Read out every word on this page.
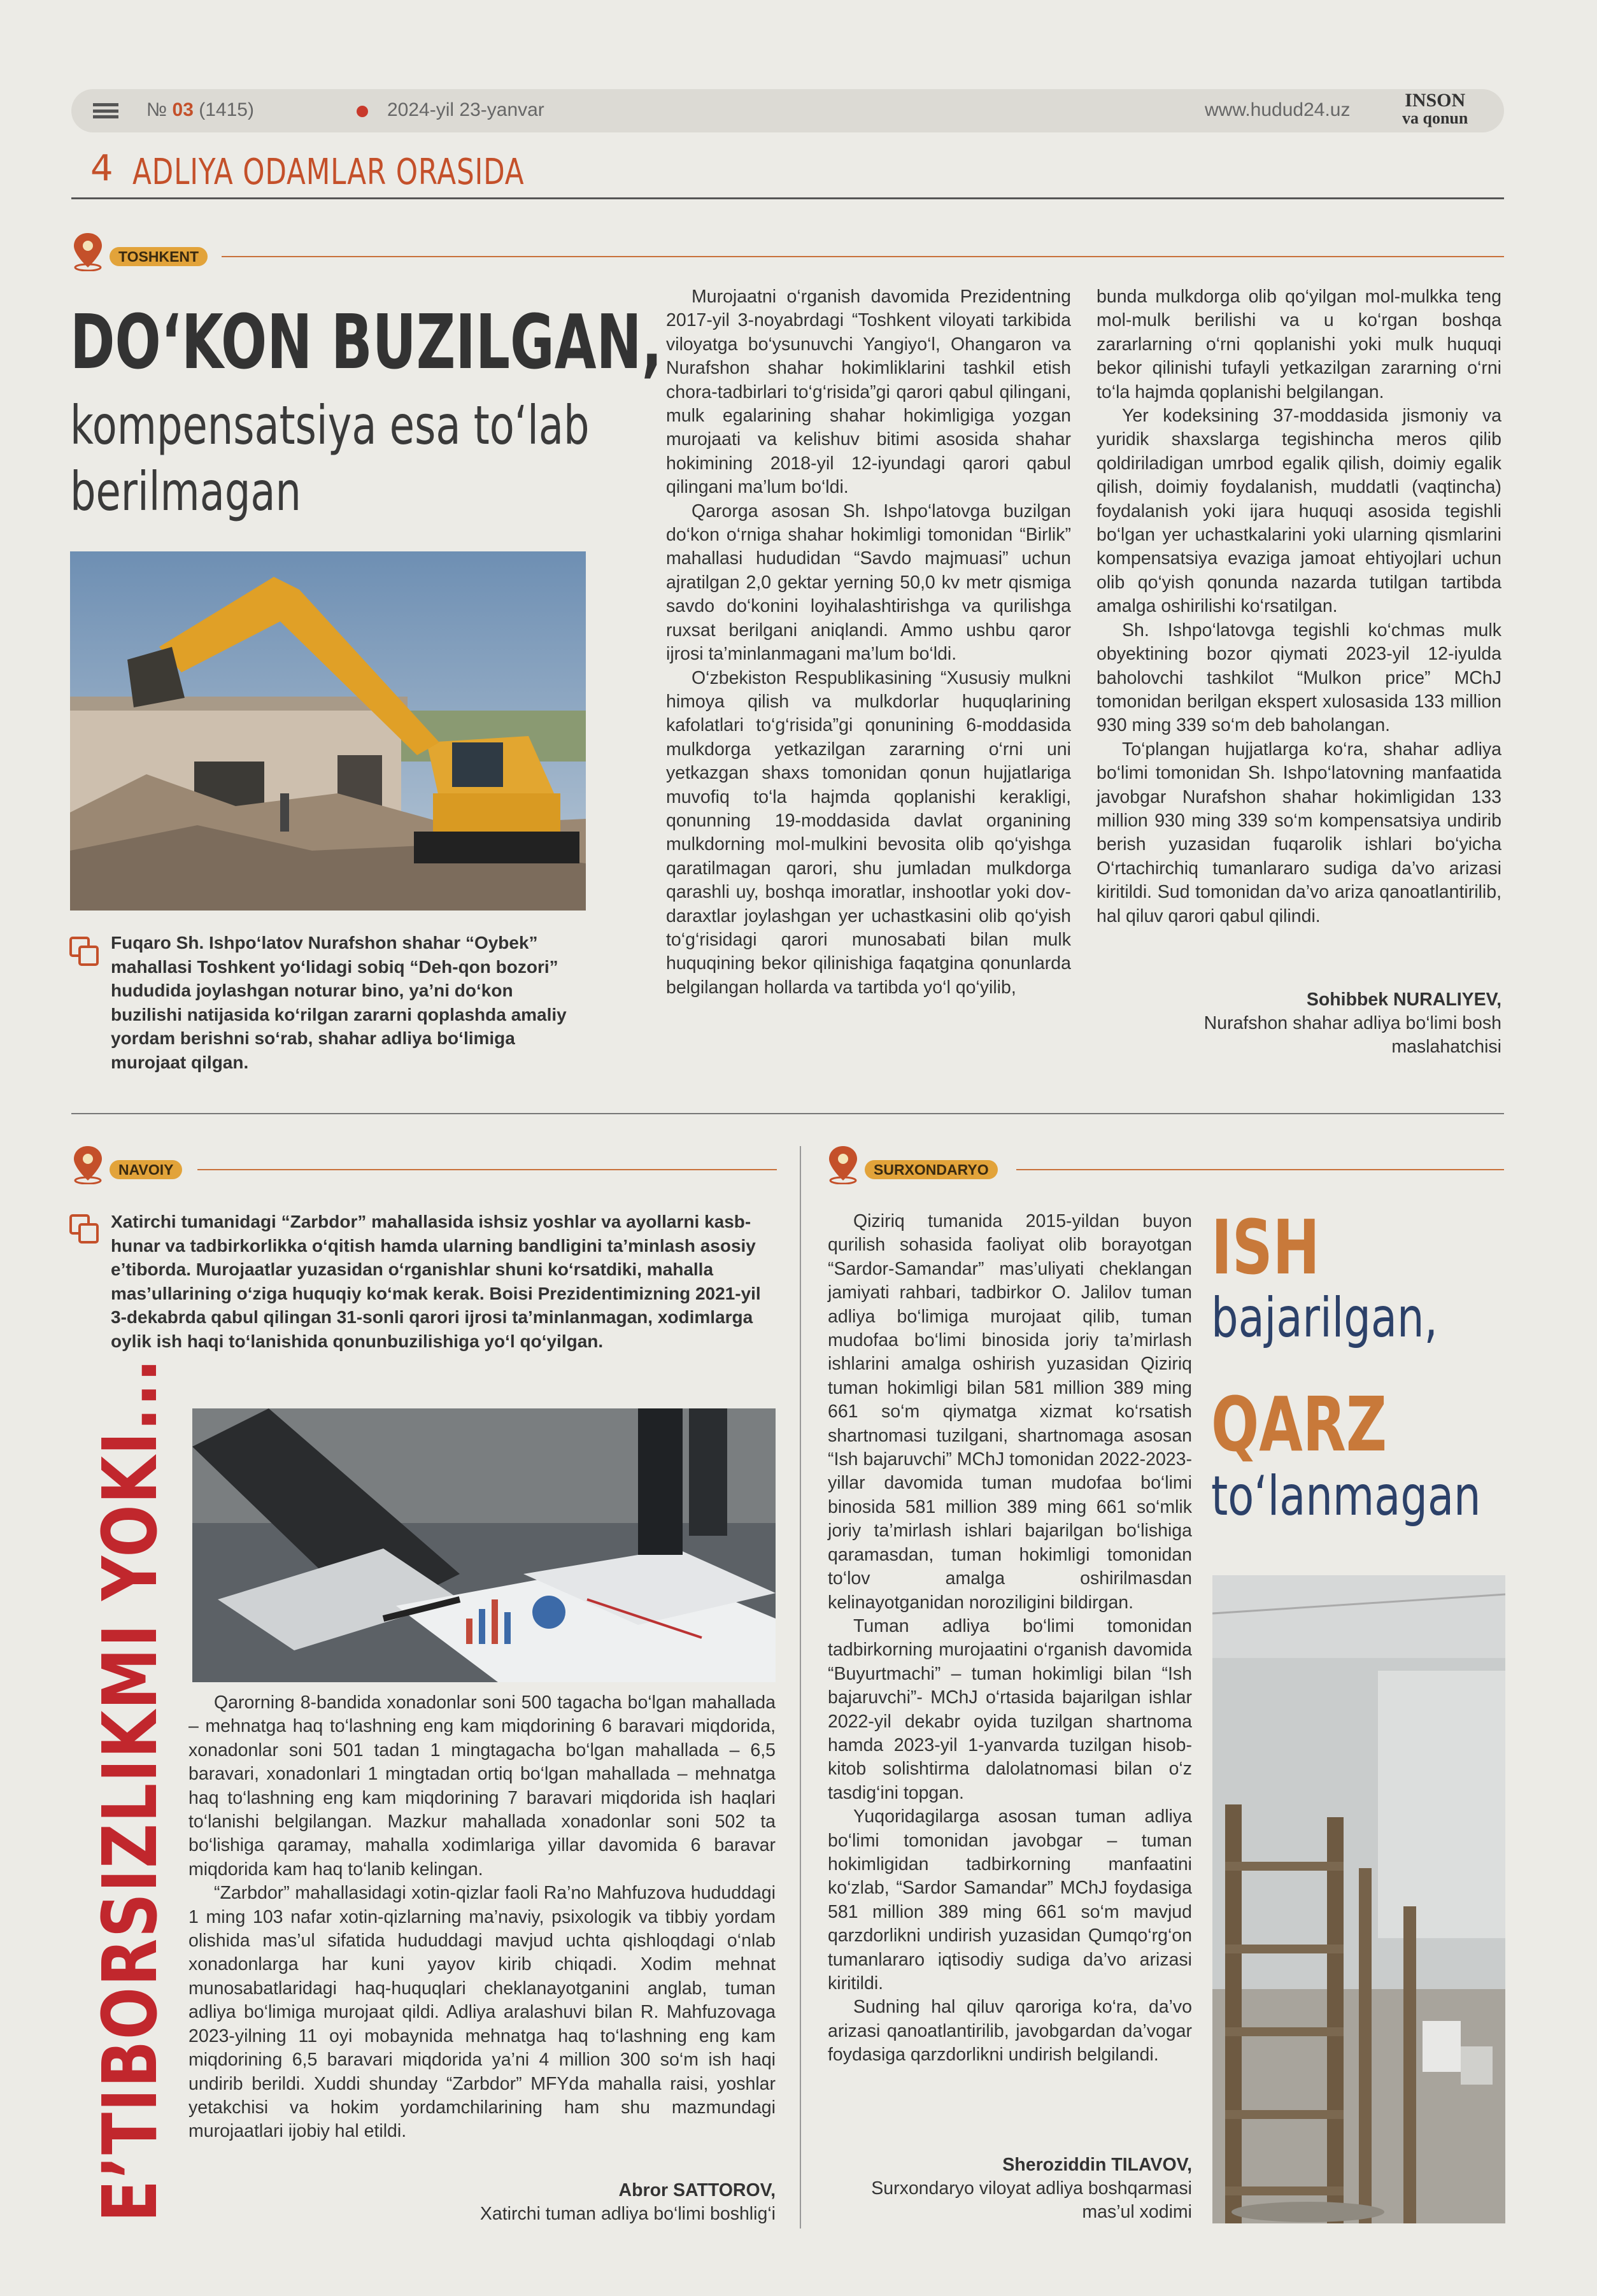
№ 03 (1415)	2024-yil 23-yanvar	www.hudud24.uz	INSON
va qonun
4 ADLIYA ODAMLAR ORASIDA
TOSHKENT
DO‘KON BUZILGAN,
kompensatsiya esa to‘lab berilmagan
Fuqaro Sh. Ishpo‘latov Nurafshon shahar “Oybek” mahallasi Toshkent yo‘lidagi sobiq “Deh-qon bozori” hududida joylashgan noturar bino, ya’ni do‘kon buzilishi natijasida ko‘rilgan zararni qoplashda amaliy yordam berishni so‘rab, shahar adliya bo‘limiga murojaat qilgan.

Murojaatni o‘rganish davomida Prezidentning 2017-yil 3-noyabrdagi “Toshkent viloyati tarkibida viloyatga bo‘ysunuvchi Yangiyo‘l, Ohangaron va Nurafshon shahar hokimliklarini tashkil etish chora-tadbirlari to‘g‘risida”gi qarori qabul qilingani, mulk egalarining shahar hokimligiga yozgan murojaati va kelishuv bitimi asosida shahar hokimining 2018-yil 12-iyundagi qarori qabul qilingani ma’lum bo‘ldi.

Qarorga asosan Sh. Ishpo‘latovga buzilgan do‘kon o‘rniga shahar hokimligi tomonidan “Birlik” mahallasi hududidan “Savdo majmuasi” uchun ajratilgan 2,0 gektar yerning 50,0 kv metr qismiga savdo do‘konini loyihalashtirishga va qurilishga ruxsat berilgani aniqlandi. Ammo ushbu qaror ijrosi ta’minlanmagani ma’lum bo‘ldi.

O‘zbekiston Respublikasining “Xususiy mulkni himoya qilish va mulkdorlar huquqlarining kafolatlari to‘g‘risida”gi qonunining 6-moddasida mulkdorga yetkazilgan zararning o‘rni uni yetkazgan shaxs tomonidan qonun hujjatlariga muvofiq to‘la hajmda qoplanishi kerakligi, qonunning 19-moddasida davlat organining mulkdorning mol-mulkini bevosita olib qo‘yishga qaratilmagan qarori, shu jumladan mulkdorga qarashli uy, boshqa imoratlar, inshootlar yoki dov-daraxtlar joylashgan yer uchastkasini olib qo‘yish to‘g‘risidagi qarori munosabati bilan mulk huquqining bekor qilinishiga faqatgina qonunlarda belgilangan hollarda va tartibda yo‘l qo‘yilib,

bunda mulkdorga olib qo‘yilgan mol-mulkka teng mol-mulk berilishi va u ko‘rgan boshqa zararlarning o‘rni qoplanishi yoki mulk huquqi bekor qilinishi tufayli yetkazilgan zararning o‘rni to‘la hajmda qoplanishi belgilangan.

Yer kodeksining 37-moddasida jismoniy va yuridik shaxslarga tegishincha meros qilib qoldiriladigan umrbod egalik qilish, doimiy egalik qilish, doimiy foydalanish, muddatli (vaqtincha) foydalanish yoki ijara huquqi asosida tegishli bo‘lgan yer uchastkalarini yoki ularning qismlarini kompensatsiya evaziga jamoat ehtiyojlari uchun olib qo‘yish qonunda nazarda tutilgan tartibda amalga oshirilishi ko‘rsatilgan.

Sh. Ishpo‘latovga tegishli ko‘chmas mulk obyektining bozor qiymati 2023-yil 12-iyulda baholovchi tashkilot “Mulkon price” MChJ tomonidan berilgan ekspert xulosasida 133 million 930 ming 339 so‘m deb baholangan.

To‘plangan hujjatlarga ko‘ra, shahar adliya bo‘limi tomonidan Sh. Ishpo‘latovning manfaatida javobgar Nurafshon shahar hokimligidan 133 million 930 ming 339 so‘m kompensatsiya undirib berish yuzasidan fuqarolik ishlari bo‘yicha O‘rtachirchiq tumanlararo sudiga da’vo arizasi kiritildi. Sud tomonidan da’vo ariza qanoatlantirilib, hal qiluv qarori qabul qilindi.

Sohibbek NURALIYEV,
Nurafshon shahar adliya bo‘limi bosh
maslahatchisi
NAVOIY
Xatirchi tumanidagi “Zarbdor” mahallasida ishsiz yoshlar va ayollarni kasb-hunar va tadbirkorlikka o‘qitish hamda ularning bandligini ta’minlash asosiy e’tiborda. Murojaatlar yuzasidan o‘rganishlar shuni ko‘rsatdiki, mahalla mas’ullarining o‘ziga huquqiy ko‘mak kerak. Boisi Prezidentimizning 2021-yil 3-dekabrda qabul qilingan 31-sonli qarori ijrosi ta’minlanmagan, xodimlarga oylik ish haqi to‘lanishida qonunbuzilishiga yo‘l qo‘yilgan.
E’TIBORSIZLIKMI YOKI...	Qarorning 8-bandida xonadonlar soni 500 tagacha bo‘lgan mahallada – mehnatga haq to‘lashning eng kam miqdorining 6 baravari miqdorida, xonadonlar soni 501 tadan 1 mingtagacha bo‘lgan mahallada – 6,5 baravari, xonadonlari 1 mingtadan ortiq bo‘lgan mahallada – mehnatga haq to‘lashning eng kam miqdorining 7 baravari miqdorida ish haqlari to‘lanishi belgilangan. Mazkur mahallada xonadonlar soni 502 ta bo‘lishiga qaramay, mahalla xodimlariga yillar davomida 6 baravar miqdorida kam haq to‘lanib kelingan.

“Zarbdor” mahallasidagi xotin-qizlar faoli Ra’no Mahfuzova hududdagi 1 ming 103 nafar xotin-qizlarning ma’naviy, psixologik va tibbiy yordam olishida mas’ul sifatida hududdagi mavjud uchta qishloqdagi o‘nlab xonadonlarga har kuni yayov kirib chiqadi. Xodim mehnat munosabatlaridagi haq-huquqlari cheklanayotganini anglab, tuman adliya bo‘limiga murojaat qildi. Adliya aralashuvi bilan R. Mahfuzovaga 2023-yilning 11 oyi mobaynida mehnatga haq to‘lashning eng kam miqdorining 6,5 baravari miqdorida ya’ni 4 million 300 so‘m ish haqi undirib berildi. Xuddi shunday “Zarbdor” MFYda mahalla raisi, yoshlar yetakchisi va hokim yordamchilarining ham shu mazmundagi murojaatlari ijobiy hal etildi.

Abror SATTOROV,
Xatirchi tuman adliya bo‘limi boshlig‘i
SURXONDARYO

Qiziriq tumanida 2015-yildan buyon qurilish sohasida faoliyat olib borayotgan “Sardor-Samandar” mas’uliyati cheklangan jamiyati rahbari, tadbirkor O. Jalilov tuman adliya bo‘limiga murojaat qilib, tuman mudofaa bo‘limi binosida joriy ta’mirlash ishlarini amalga oshirish yuzasidan Qiziriq tuman hokimligi bilan 581 million 389 ming 661 so‘m qiymatga xizmat ko‘rsatish shartnomasi tuzilgani, shartnomaga asosan “Ish bajaruvchi” MChJ tomonidan 2022-2023-yillar davomida tuman mudofaa bo‘limi binosida 581 million 389 ming 661 so‘mlik joriy ta’mirlash ishlari bajarilgan bo‘lishiga qaramasdan, tuman hokimligi tomonidan to‘lov amalga oshirilmasdan kelinayotganidan noroziligini bildirgan.

Tuman adliya bo‘limi tomonidan tadbirkorning murojaatini o‘rganish davomida “Buyurtmachi” – tuman hokimligi bilan “Ish bajaruvchi”- MChJ o‘rtasida bajarilgan ishlar 2022-yil dekabr oyida tuzilgan shartnoma hamda 2023-yil 1-yanvarda tuzilgan hisob-kitob solishtirma dalolatnomasi bilan o‘z tasdig‘ini topgan.

Yuqoridagilarga asosan tuman adliya bo‘limi tomonidan javobgar – tuman hokimligidan tadbirkorning manfaatini ko‘zlab, “Sardor Samandar” MChJ foydasiga 581 million 389 ming 661 so‘m mavjud qarzdorlikni undirish yuzasidan Qumqo‘rg‘on tumanlararo iqtisodiy sudiga da’vo arizasi kiritildi.

Sudning hal qiluv qaroriga ko‘ra, da’vo arizasi qanoatlantirilib, javobgardan da’vogar foydasiga qarzdorlikni undirish belgilandi.

Sheroziddin TILAVOV,
Surxondaryo viloyat adliya boshqarmasi
mas’ul xodimi
ISH
bajarilgan,
QARZ
to‘lanmagan
